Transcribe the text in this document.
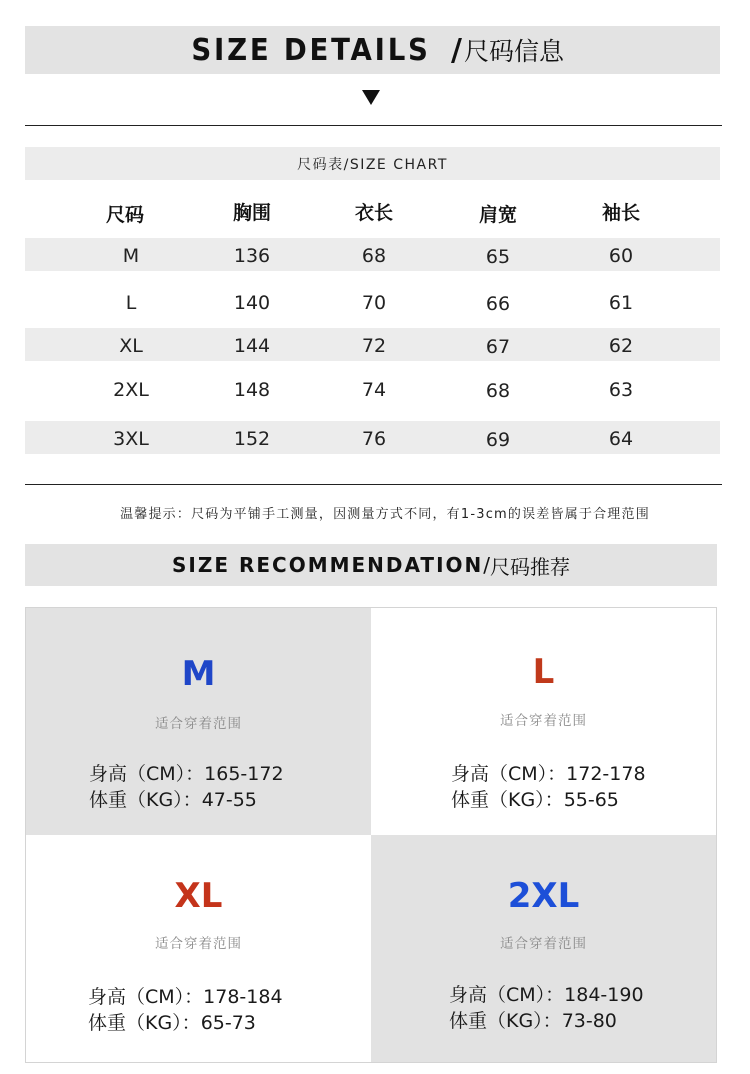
SIZE DETAILS / 尺码信息
尺码表/SIZE CHART
尺码	胸围	衣长	肩宽	袖长
M	136	68	65	60
L	140	70	66	61
XL	144	72	67	62
2XL	148	74	68	63
3XL	152	76	69	64
温馨提示：尺码为平铺手工测量，因测量方式不同，有1-3cm的误差皆属于合理范围
SIZE RECOMMENDATION / 尺码推荐
M
适合穿着范围
身高（CM）：165-172
体重（KG）：47-55
L
适合穿着范围
身高（CM）：172-178
体重（KG）：55-65
XL
适合穿着范围
身高（CM）：178-184
体重（KG）：65-73
2XL
适合穿着范围
身高（CM）：184-190
体重（KG）：73-80
